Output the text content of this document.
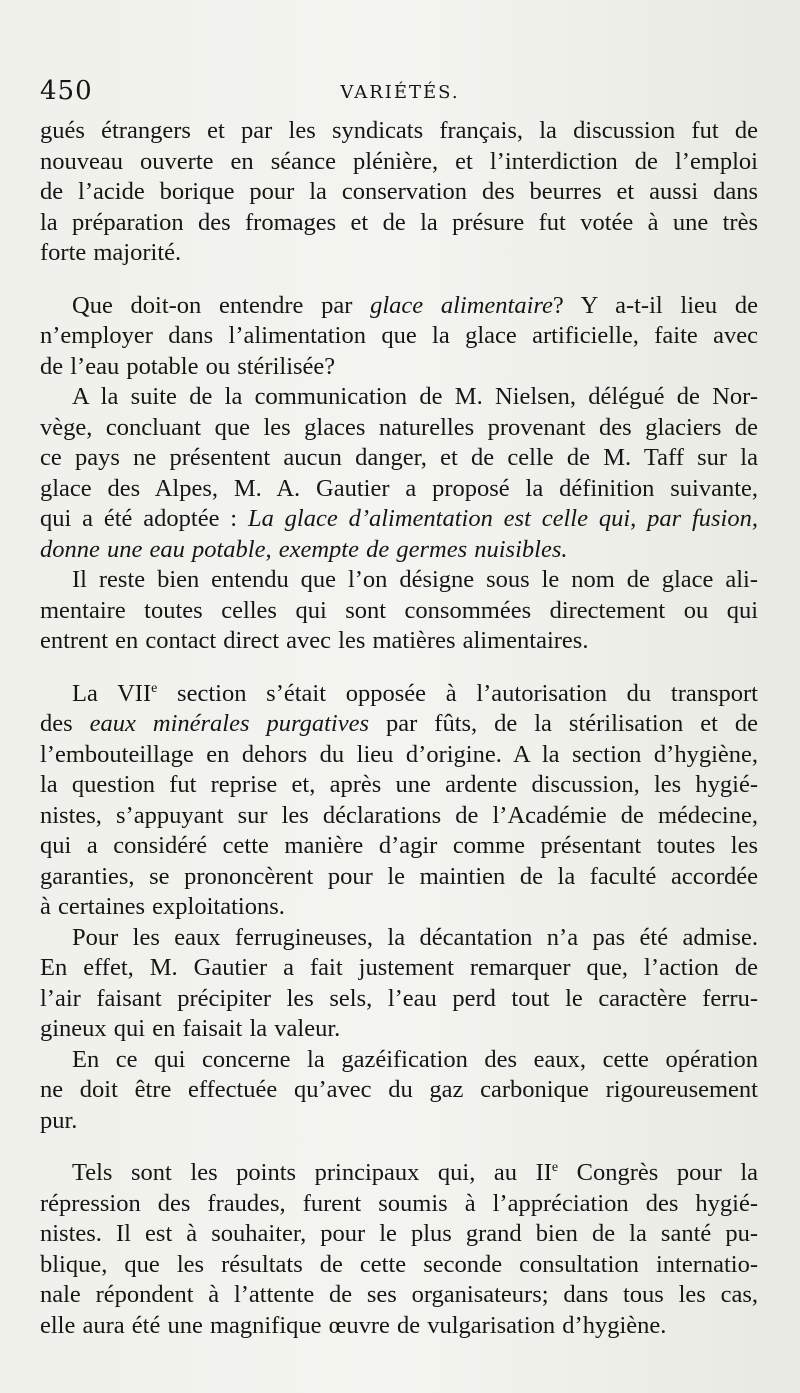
450	VARIÉTÉS.
gués étrangers et par les syndicats français, la discussion fut de
nouveau ouverte en séance plénière, et l’interdiction de l’emploi
de l’acide borique pour la conservation des beurres et aussi dans
la préparation des fromages et de la présure fut votée à une très
forte majorité.
Que doit-on entendre par glace alimentaire? Y a-t-il lieu de
n’employer dans l’alimentation que la glace artificielle, faite avec
de l’eau potable ou stérilisée?
A la suite de la communication de M. Nielsen, délégué de Nor-
vège, concluant que les glaces naturelles provenant des glaciers de
ce pays ne présentent aucun danger, et de celle de M. Taff sur la
glace des Alpes, M. A. Gautier a proposé la définition suivante,
qui a été adoptée : La glace d’alimentation est celle qui, par fusion,
donne une eau potable, exempte de germes nuisibles.
Il reste bien entendu que l’on désigne sous le nom de glace ali-
mentaire toutes celles qui sont consommées directement ou qui
entrent en contact direct avec les matières alimentaires.
La VIIe section s’était opposée à l’autorisation du transport
des eaux minérales purgatives par fûts, de la stérilisation et de
l’embouteillage en dehors du lieu d’origine. A la section d’hygiène,
la question fut reprise et, après une ardente discussion, les hygié-
nistes, s’appuyant sur les déclarations de l’Académie de médecine,
qui a considéré cette manière d’agir comme présentant toutes les
garanties, se prononcèrent pour le maintien de la faculté accordée
à certaines exploitations.
Pour les eaux ferrugineuses, la décantation n’a pas été admise.
En effet, M. Gautier a fait justement remarquer que, l’action de
l’air faisant précipiter les sels, l’eau perd tout le caractère ferru-
gineux qui en faisait la valeur.
En ce qui concerne la gazéification des eaux, cette opération
ne doit être effectuée qu’avec du gaz carbonique rigoureusement
pur.
Tels sont les points principaux qui, au IIe Congrès pour la
répression des fraudes, furent soumis à l’appréciation des hygié-
nistes. Il est à souhaiter, pour le plus grand bien de la santé pu-
blique, que les résultats de cette seconde consultation internatio-
nale répondent à l’attente de ses organisateurs; dans tous les cas,
elle aura été une magnifique œuvre de vulgarisation d’hygiène.
